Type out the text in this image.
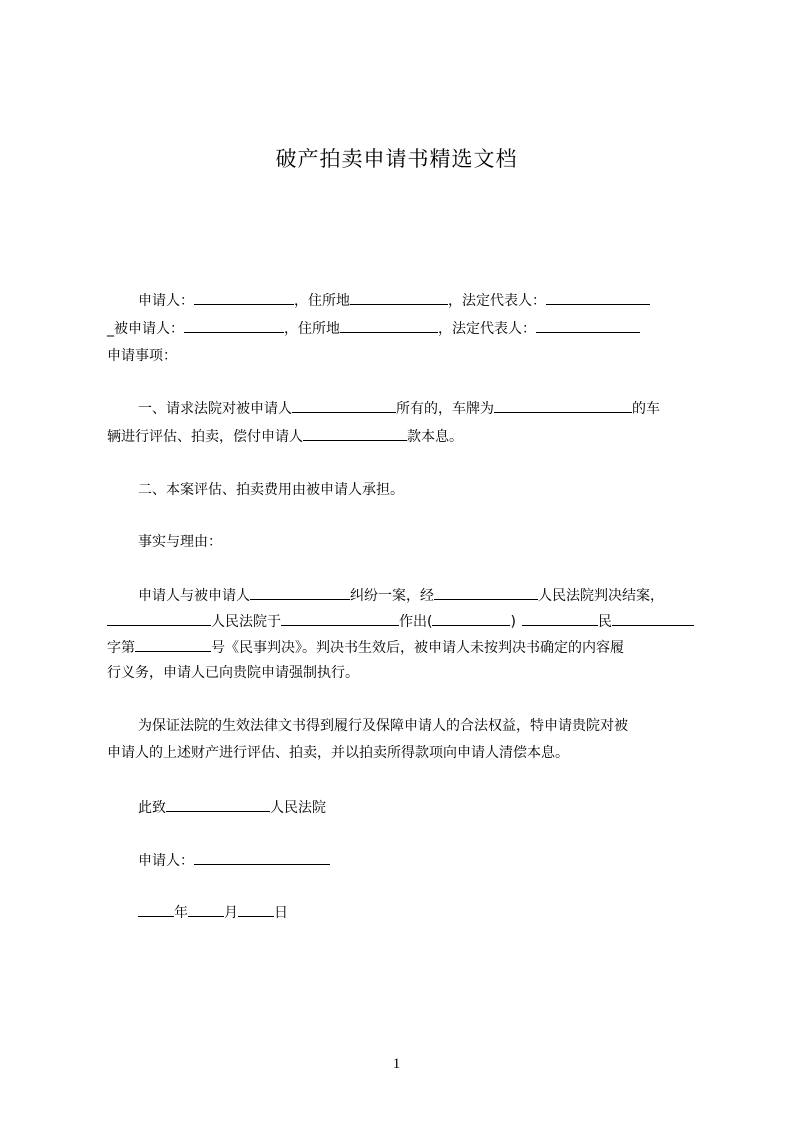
破产拍卖申请书精选文档
申请人：	，住所地	，法定代表人：
_被申请人：	，住所地	，法定代表人：
申请事项：
一、请求法院对被申请人	所有的，车牌为	的车
辆进行评估、拍卖，偿付申请人	款本息。
二、本案评估、拍卖费用由被申请人承担。
事实与理由：
申请人与被申请人	纠纷一案，经	人民法院判决结案，
人民法院于	作出(	)	民
字第	号《民事判决》。判决书生效后，被申请人未按判决书确定的内容履
行义务，申请人已向贵院申请强制执行。
为保证法院的生效法律文书得到履行及保障申请人的合法权益，特申请贵院对被
申请人的上述财产进行评估、拍卖，并以拍卖所得款项向申请人清偿本息。
此致	人民法院
申请人：
年	月	日
1
